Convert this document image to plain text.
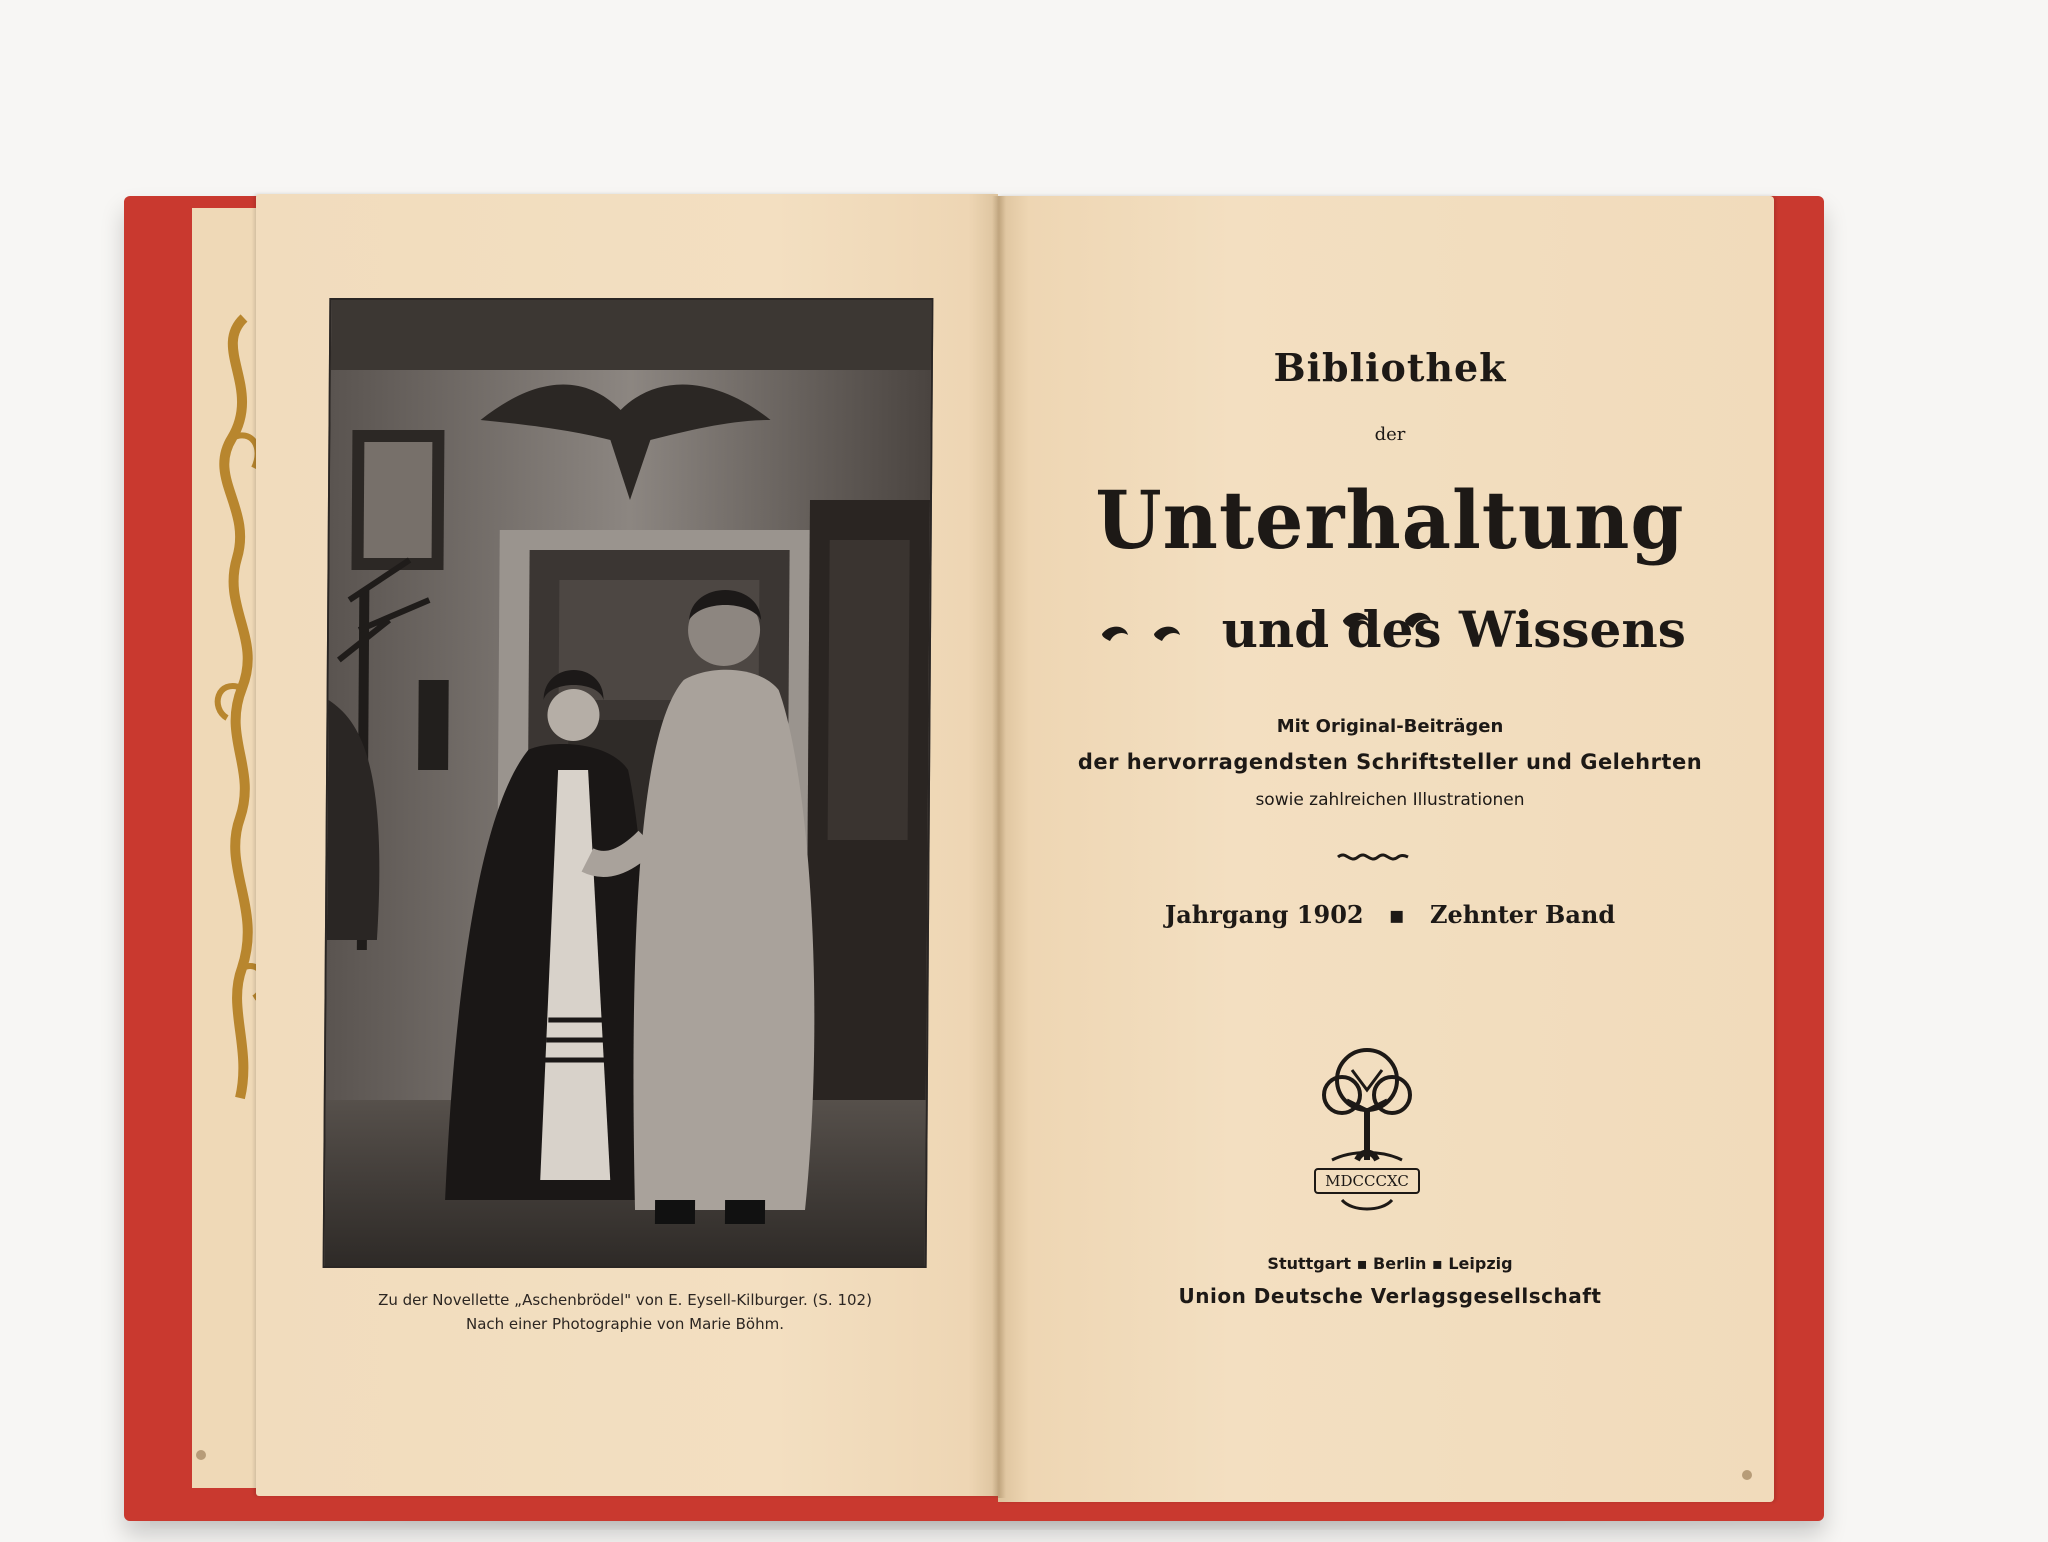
Zu der Novellette „Aschenbrödel" von E. Eysell-Kilburger. (S. 102)
Nach einer Photographie von Marie Böhm.
Bibliothek
der
Unterhaltung
und des Wissens
Mit Original-Beiträgen
der hervorragendsten Schriftsteller und Gelehrten
sowie zahlreichen Illustrationen
Jahrgang 1902   ▪   Zehnter Band
MDCCCXC
Stuttgart ▪ Berlin ▪ Leipzig
Union Deutsche Verlagsgesellschaft
